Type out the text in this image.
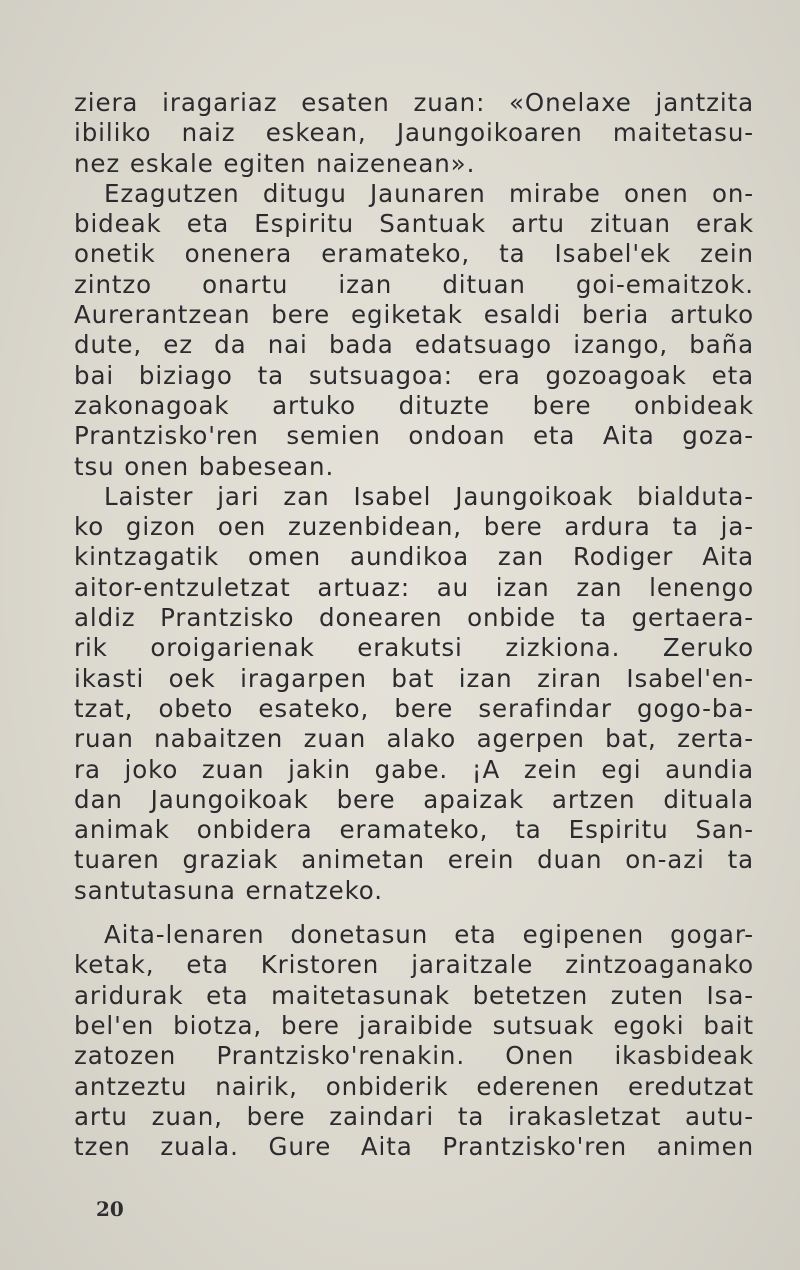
ziera iragariaz esaten zuan: «Onelaxe jantzita
ibiliko naiz eskean, Jaungoikoaren maitetasu-
nez eskale egiten naizenean».
Ezagutzen ditugu Jaunaren mirabe onen on-
bideak eta Espiritu Santuak artu zituan erak
onetik onenera eramateko, ta Isabel'ek zein
zintzo onartu izan dituan goi-emaitzok.
Aurerantzean bere egiketak esaldi beria artuko
dute, ez da nai bada edatsuago izango, baña
bai biziago ta sutsuagoa: era gozoagoak eta
zakonagoak artuko dituzte bere onbideak
Prantzisko'ren semien ondoan eta Aita goza-
tsu onen babesean.
Laister jari zan Isabel Jaungoikoak bialduta-
ko gizon oen zuzenbidean, bere ardura ta ja-
kintzagatik omen aundikoa zan Rodiger Aita
aitor-entzuletzat artuaz: au izan zan lenengo
aldiz Prantzisko donearen onbide ta gertaera-
rik oroigarienak erakutsi zizkiona. Zeruko
ikasti oek iragarpen bat izan ziran Isabel'en-
tzat, obeto esateko, bere serafindar gogo-ba-
ruan nabaitzen zuan alako agerpen bat, zerta-
ra joko zuan jakin gabe. ¡A zein egi aundia
dan Jaungoikoak bere apaizak artzen dituala
animak onbidera eramateko, ta Espiritu San-
tuaren graziak animetan erein duan on-azi ta
santutasuna ernatzeko.
Aita-lenaren donetasun eta egipenen gogar-
ketak, eta Kristoren jaraitzale zintzoaganako
aridurak eta maitetasunak betetzen zuten Isa-
bel'en biotza, bere jaraibide sutsuak egoki bait
zatozen Prantzisko'renakin. Onen ikasbideak
antzeztu nairik, onbiderik ederenen eredutzat
artu zuan, bere zaindari ta irakasletzat autu-
tzen zuala. Gure Aita Prantzisko'ren animen
20
